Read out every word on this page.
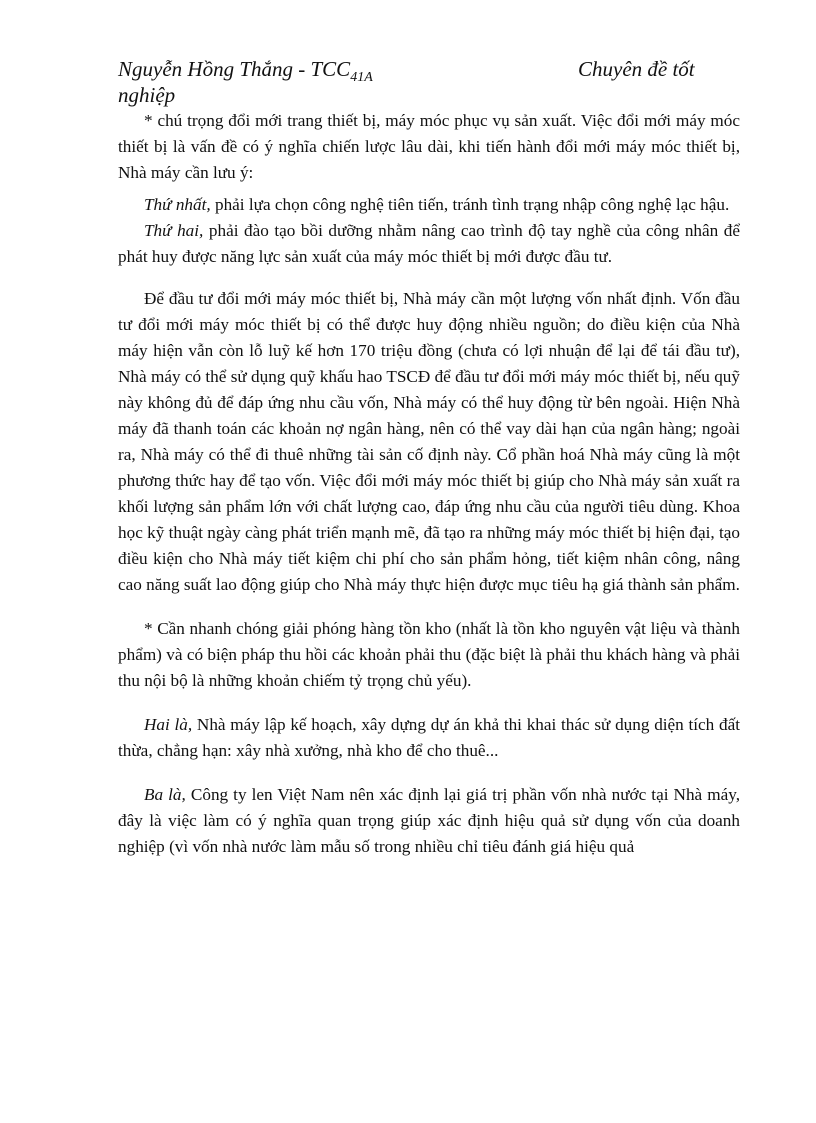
Nguyễn Hồng Thắng - $TCC_{41A}$	Chuyên đề tốt
nghiệp

* chú trọng đổi mới trang thiết bị, máy móc phục vụ sản xuất. Việc đổi mới máy móc thiết bị là vấn đề có ý nghĩa chiến lược lâu dài, khi tiến hành đổi mới máy móc thiết bị, Nhà máy cần lưu ý:

Thứ nhất, phải lựa chọn công nghệ tiên tiến, tránh tình trạng nhập công nghệ lạc hậu.

Thứ hai, phải đào tạo bồi dưỡng nhằm nâng cao trình độ tay nghề của công nhân để phát huy được năng lực sản xuất của máy móc thiết bị mới được đầu tư.

Để đầu tư đổi mới máy móc thiết bị, Nhà máy cần một lượng vốn nhất định. Vốn đầu tư đổi mới máy móc thiết bị có thể được huy động nhiều nguồn; do điều kiện của Nhà máy hiện vẫn còn lỗ luỹ kế hơn 170 triệu đồng (chưa có lợi nhuận để lại để tái đầu tư), Nhà máy có thể sử dụng quỹ khấu hao TSCĐ để đầu tư đổi mới máy móc thiết bị, nếu quỹ này không đủ để đáp ứng nhu cầu vốn, Nhà máy có thể huy động từ bên ngoài. Hiện Nhà máy đã thanh toán các khoản nợ ngân hàng, nên có thể vay dài hạn của ngân hàng; ngoài ra, Nhà máy có thể đi thuê những tài sản cố định này. Cổ phần hoá Nhà máy cũng là một phương thức hay để tạo vốn. Việc đổi mới máy móc thiết bị giúp cho Nhà máy sản xuất ra khối lượng sản phẩm lớn với chất lượng cao, đáp ứng nhu cầu của người tiêu dùng. Khoa học kỹ thuật ngày càng phát triển mạnh mẽ, đã tạo ra những máy móc thiết bị hiện đại, tạo điều kiện cho Nhà máy tiết kiệm chi phí cho sản phẩm hỏng, tiết kiệm nhân công, nâng cao năng suất lao động giúp cho Nhà máy thực hiện được mục tiêu hạ giá thành sản phẩm.

* Cần nhanh chóng giải phóng hàng tồn kho (nhất là tồn kho nguyên vật liệu và thành phẩm) và có biện pháp thu hồi các khoản phải thu (đặc biệt là phải thu khách hàng và phải thu nội bộ là những khoản chiếm tỷ trọng chủ yếu).

Hai là, Nhà máy lập kế hoạch, xây dựng dự án khả thi khai thác sử dụng diện tích đất thừa, chẳng hạn: xây nhà xưởng, nhà kho để cho thuê...

Ba là, Công ty len Việt Nam nên xác định lại giá trị phần vốn nhà nước tại Nhà máy, đây là việc làm có ý nghĩa quan trọng giúp xác định hiệu quả sử dụng vốn của doanh nghiệp (vì vốn nhà nước làm mẫu số trong nhiều chỉ tiêu đánh giá hiệu quả
